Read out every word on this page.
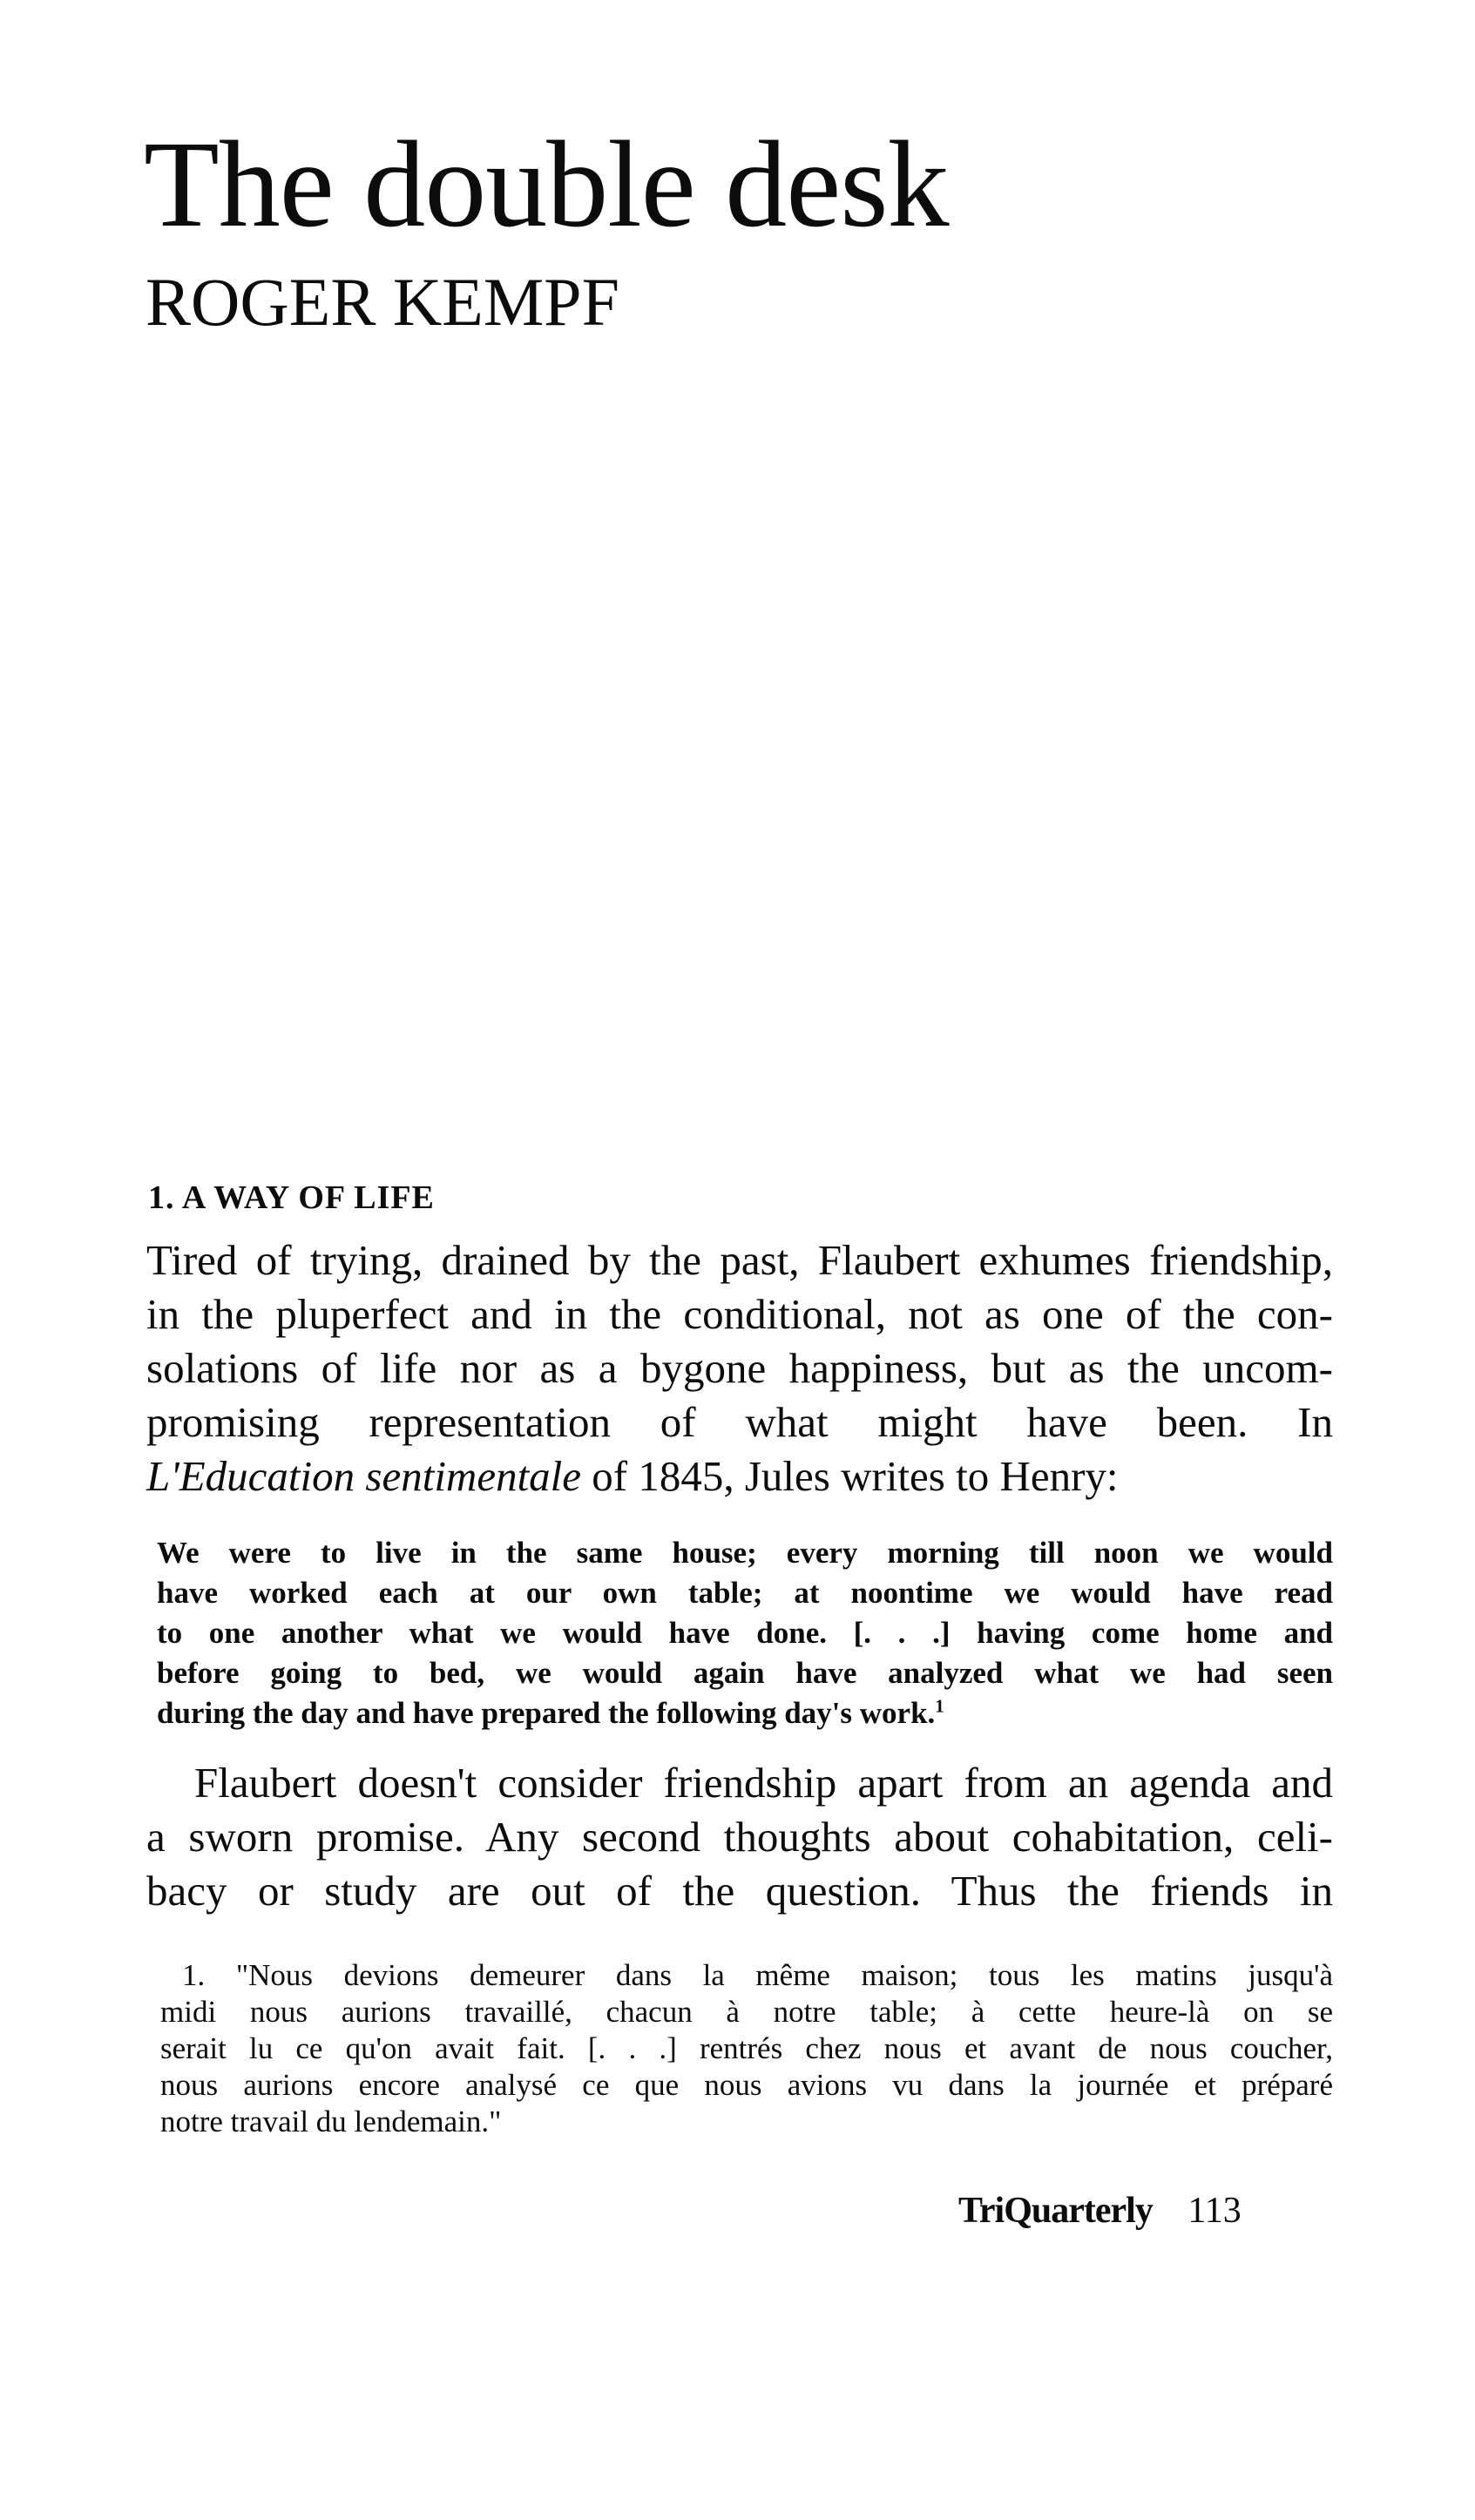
The double desk
ROGER KEMPF
1. A WAY OF LIFE
Tired of trying, drained by the past, Flaubert exhumes friendship,
in the pluperfect and in the conditional, not as one of the con-
solations of life nor as a bygone happiness, but as the uncom-
promising representation of what might have been. In
L'Education sentimentale of 1845, Jules writes to Henry:
We were to live in the same house; every morning till noon we would
have worked each at our own table; at noontime we would have read
to one another what we would have done. [. . .] having come home and
before going to bed, we would again have analyzed what we had seen
during the day and have prepared the following day's work.$^1$
Flaubert doesn't consider friendship apart from an agenda and
a sworn promise. Any second thoughts about cohabitation, celi-
bacy or study are out of the question. Thus the friends in
1. "Nous devions demeurer dans la même maison; tous les matins jusqu'à
midi nous aurions travaillé, chacun à notre table; à cette heure-là on se
serait lu ce qu'on avait fait. [. . .] rentrés chez nous et avant de nous coucher,
nous aurions encore analysé ce que nous avions vu dans la journée et préparé
notre travail du lendemain."
TriQuarterly 113
